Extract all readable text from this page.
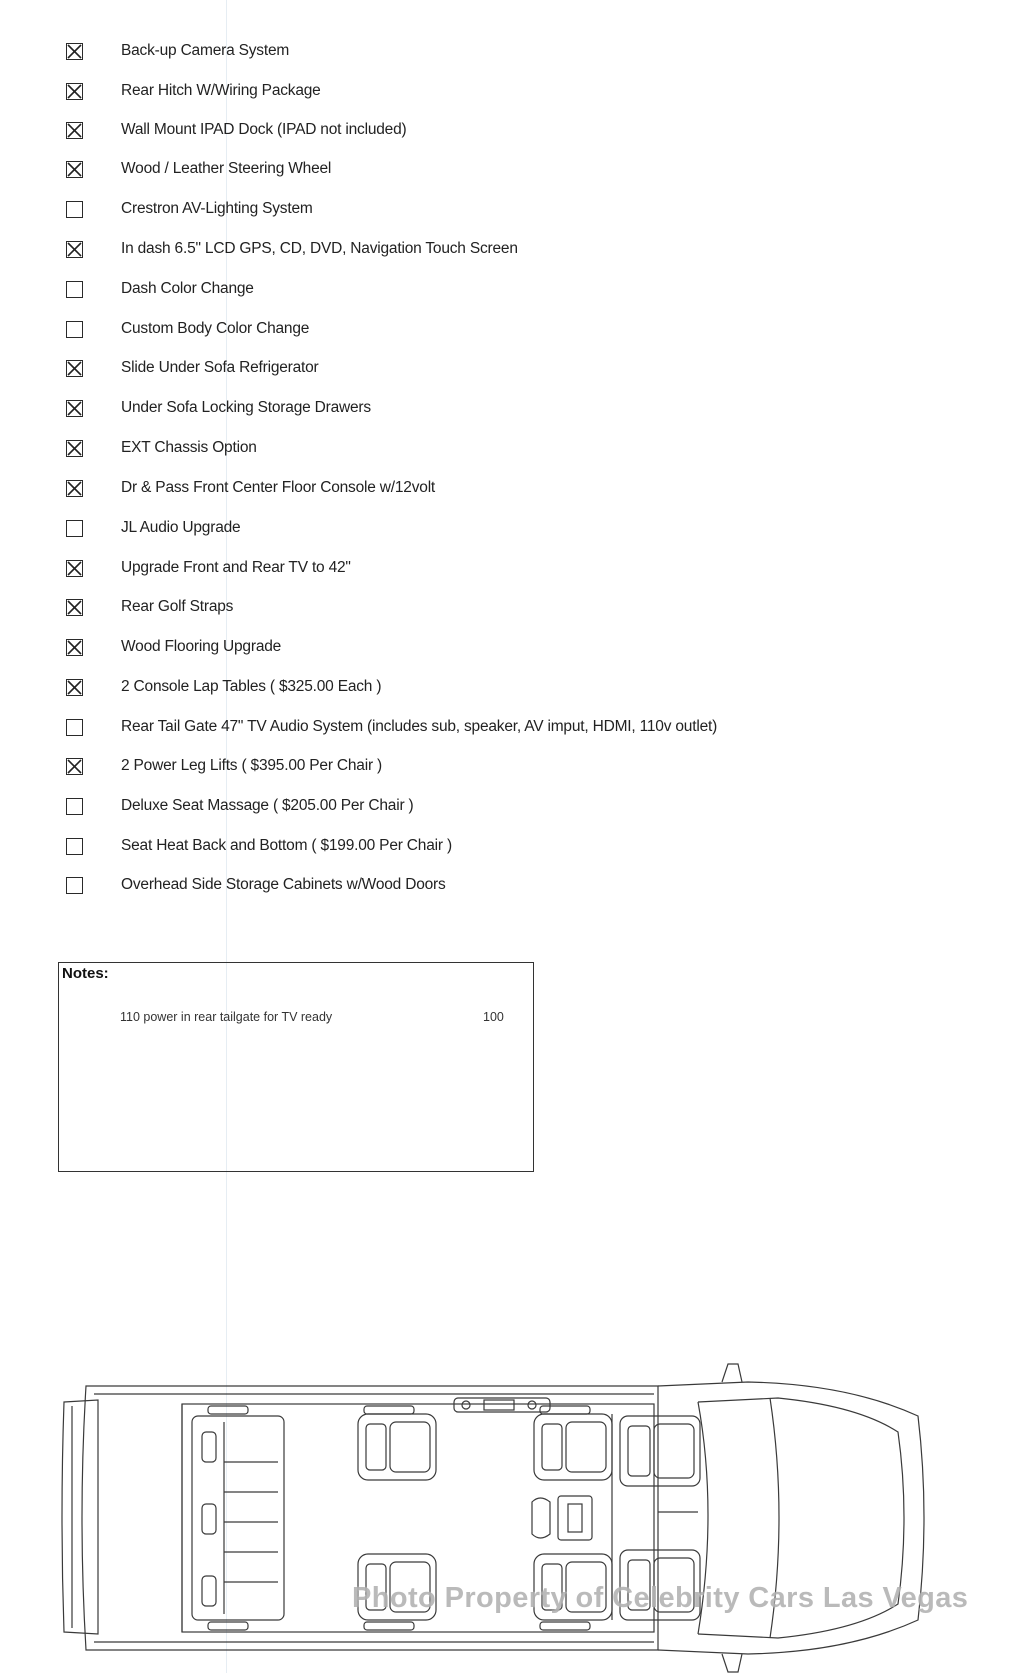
Back-up Camera System
Rear Hitch W/Wiring Package
Wall Mount IPAD Dock (IPAD not included)
Wood / Leather Steering Wheel
Crestron AV-Lighting System
In dash 6.5" LCD GPS, CD, DVD, Navigation Touch Screen
Dash Color Change
Custom Body Color Change
Slide Under Sofa Refrigerator
Under Sofa Locking Storage Drawers
EXT Chassis Option
Dr & Pass Front Center Floor Console w/12volt
JL Audio Upgrade
Upgrade Front and Rear TV to 42"
Rear Golf Straps
Wood Flooring Upgrade
2 Console Lap Tables ( $325.00 Each )
Rear Tail Gate 47" TV Audio System (includes sub, speaker, AV imput, HDMI, 110v outlet)
2 Power Leg Lifts ( $395.00 Per Chair )
Deluxe Seat Massage ( $205.00 Per Chair )
Seat Heat Back and Bottom ( $199.00 Per Chair )
Overhead Side Storage Cabinets w/Wood Doors
Notes:
110 power in rear tailgate for TV ready	100
Photo Property of Celebrity Cars Las Vegas
